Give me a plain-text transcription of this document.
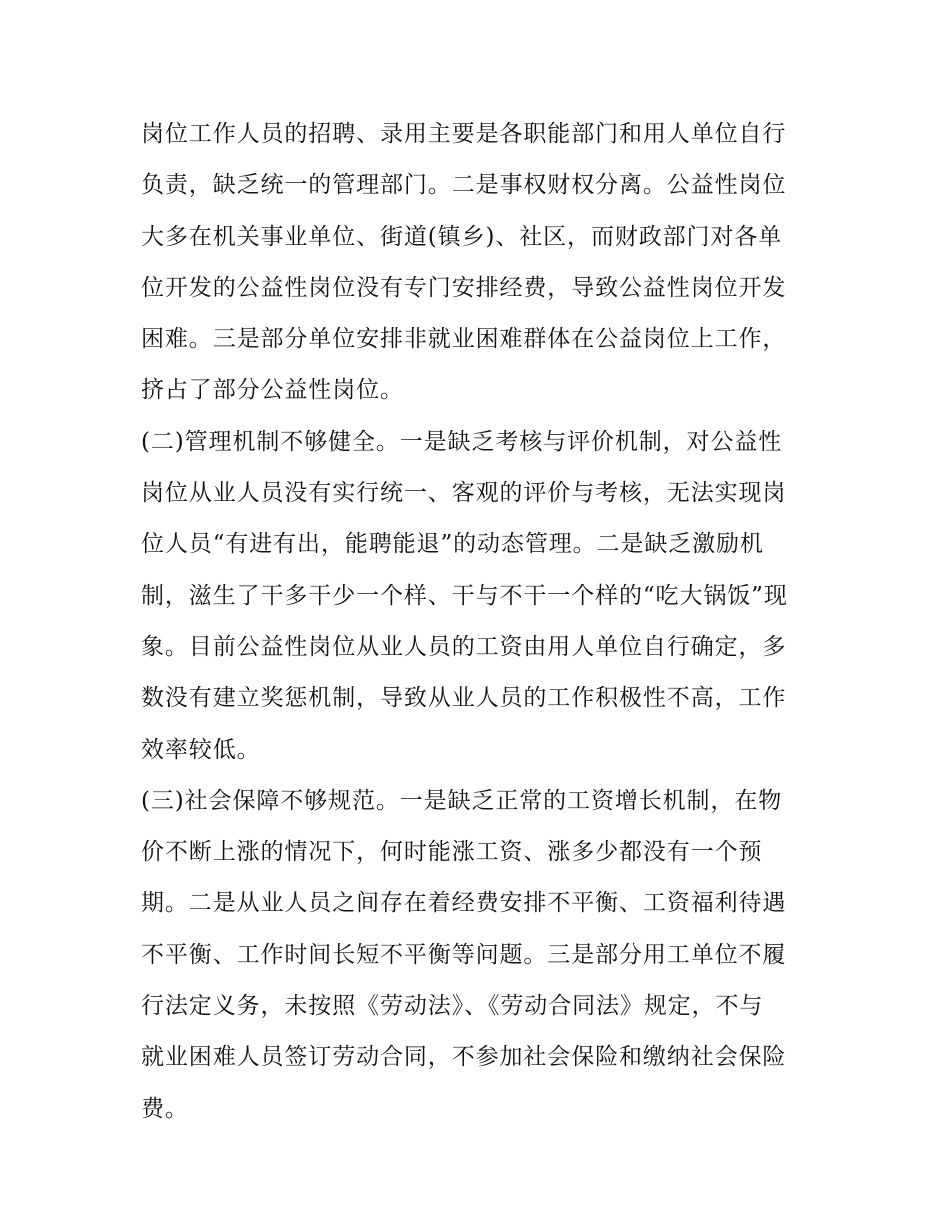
岗位工作人员的招聘、录用主要是各职能部门和用人单位自行
负责，缺乏统一的管理部门。二是事权财权分离。公益性岗位
大多在机关事业单位、街道(镇乡)、社区，而财政部门对各单
位开发的公益性岗位没有专门安排经费，导致公益性岗位开发
困难。三是部分单位安排非就业困难群体在公益岗位上工作，
挤占了部分公益性岗位。
(二)管理机制不够健全。一是缺乏考核与评价机制，对公益性
岗位从业人员没有实行统一、客观的评价与考核，无法实现岗
位人员“有进有出，能聘能退”的动态管理。二是缺乏激励机
制，滋生了干多干少一个样、干与不干一个样的“吃大锅饭”现
象。目前公益性岗位从业人员的工资由用人单位自行确定，多
数没有建立奖惩机制，导致从业人员的工作积极性不高，工作
效率较低。
(三)社会保障不够规范。一是缺乏正常的工资增长机制，在物
价不断上涨的情况下，何时能涨工资、涨多少都没有一个预
期。二是从业人员之间存在着经费安排不平衡、工资福利待遇
不平衡、工作时间长短不平衡等问题。三是部分用工单位不履
行法定义务，未按照《劳动法》、《劳动合同法》规定，不与
就业困难人员签订劳动合同，不参加社会保险和缴纳社会保险
费。
